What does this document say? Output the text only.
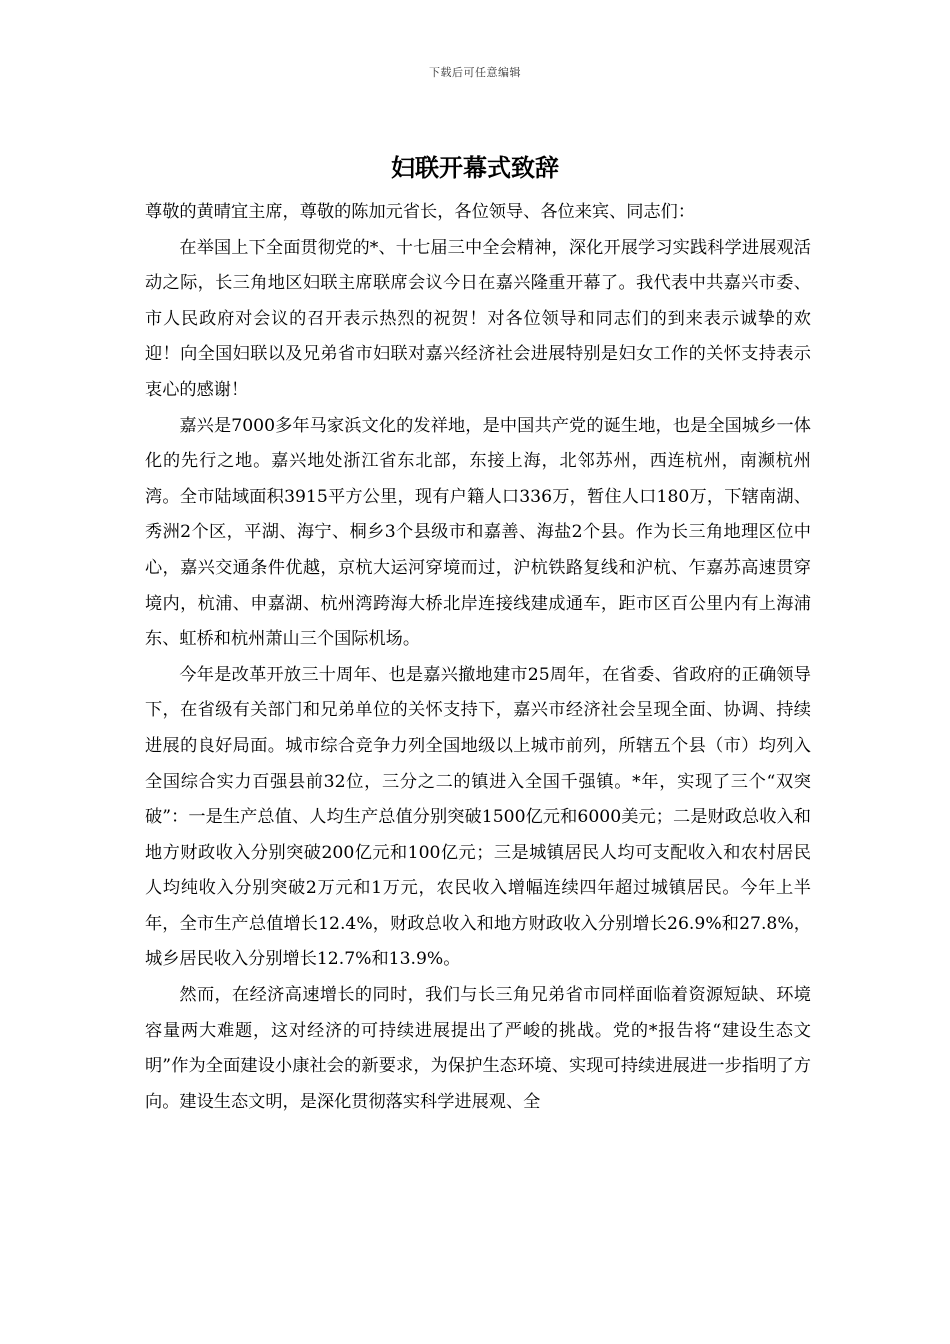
下载后可任意编辑
妇联开幕式致辞

尊敬的黄晴宜主席，尊敬的陈加元省长，各位领导、各位来宾、同志们：

在举国上下全面贯彻党的*、十七届三中全会精神，深化开展学习实践科学进展观活动之际，长三角地区妇联主席联席会议今日在嘉兴隆重开幕了。我代表中共嘉兴市委、市人民政府对会议的召开表示热烈的祝贺！对各位领导和同志们的到来表示诚挚的欢迎！向全国妇联以及兄弟省市妇联对嘉兴经济社会进展特别是妇女工作的关怀支持表示衷心的感谢！

嘉兴是7000多年马家浜文化的发祥地，是中国共产党的诞生地，也是全国城乡一体化的先行之地。嘉兴地处浙江省东北部，东接上海，北邻苏州，西连杭州，南濒杭州湾。全市陆域面积3915平方公里，现有户籍人口336万，暂住人口180万，下辖南湖、秀洲2个区，平湖、海宁、桐乡3个县级市和嘉善、海盐2个县。作为长三角地理区位中心，嘉兴交通条件优越，京杭大运河穿境而过，沪杭铁路复线和沪杭、乍嘉苏高速贯穿境内，杭浦、申嘉湖、杭州湾跨海大桥北岸连接线建成通车，距市区百公里内有上海浦东、虹桥和杭州萧山三个国际机场。

今年是改革开放三十周年、也是嘉兴撤地建市25周年，在省委、省政府的正确领导下，在省级有关部门和兄弟单位的关怀支持下，嘉兴市经济社会呈现全面、协调、持续进展的良好局面。城市综合竞争力列全国地级以上城市前列，所辖五个县（市）均列入全国综合实力百强县前32位，三分之二的镇进入全国千强镇。*年，实现了三个“双突破”：一是生产总值、人均生产总值分别突破1500亿元和6000美元；二是财政总收入和地方财政收入分别突破200亿元和100亿元；三是城镇居民人均可支配收入和农村居民人均纯收入分别突破2万元和1万元，农民收入增幅连续四年超过城镇居民。今年上半年，全市生产总值增长12.4%，财政总收入和地方财政收入分别增长26.9%和27.8%，城乡居民收入分别增长12.7%和13.9%。

然而，在经济高速增长的同时，我们与长三角兄弟省市同样面临着资源短缺、环境容量两大难题，这对经济的可持续进展提出了严峻的挑战。党的*报告将“建设生态文明”作为全面建设小康社会的新要求，为保护生态环境、实现可持续进展进一步指明了方向。建设生态文明，是深化贯彻落实科学进展观、全
